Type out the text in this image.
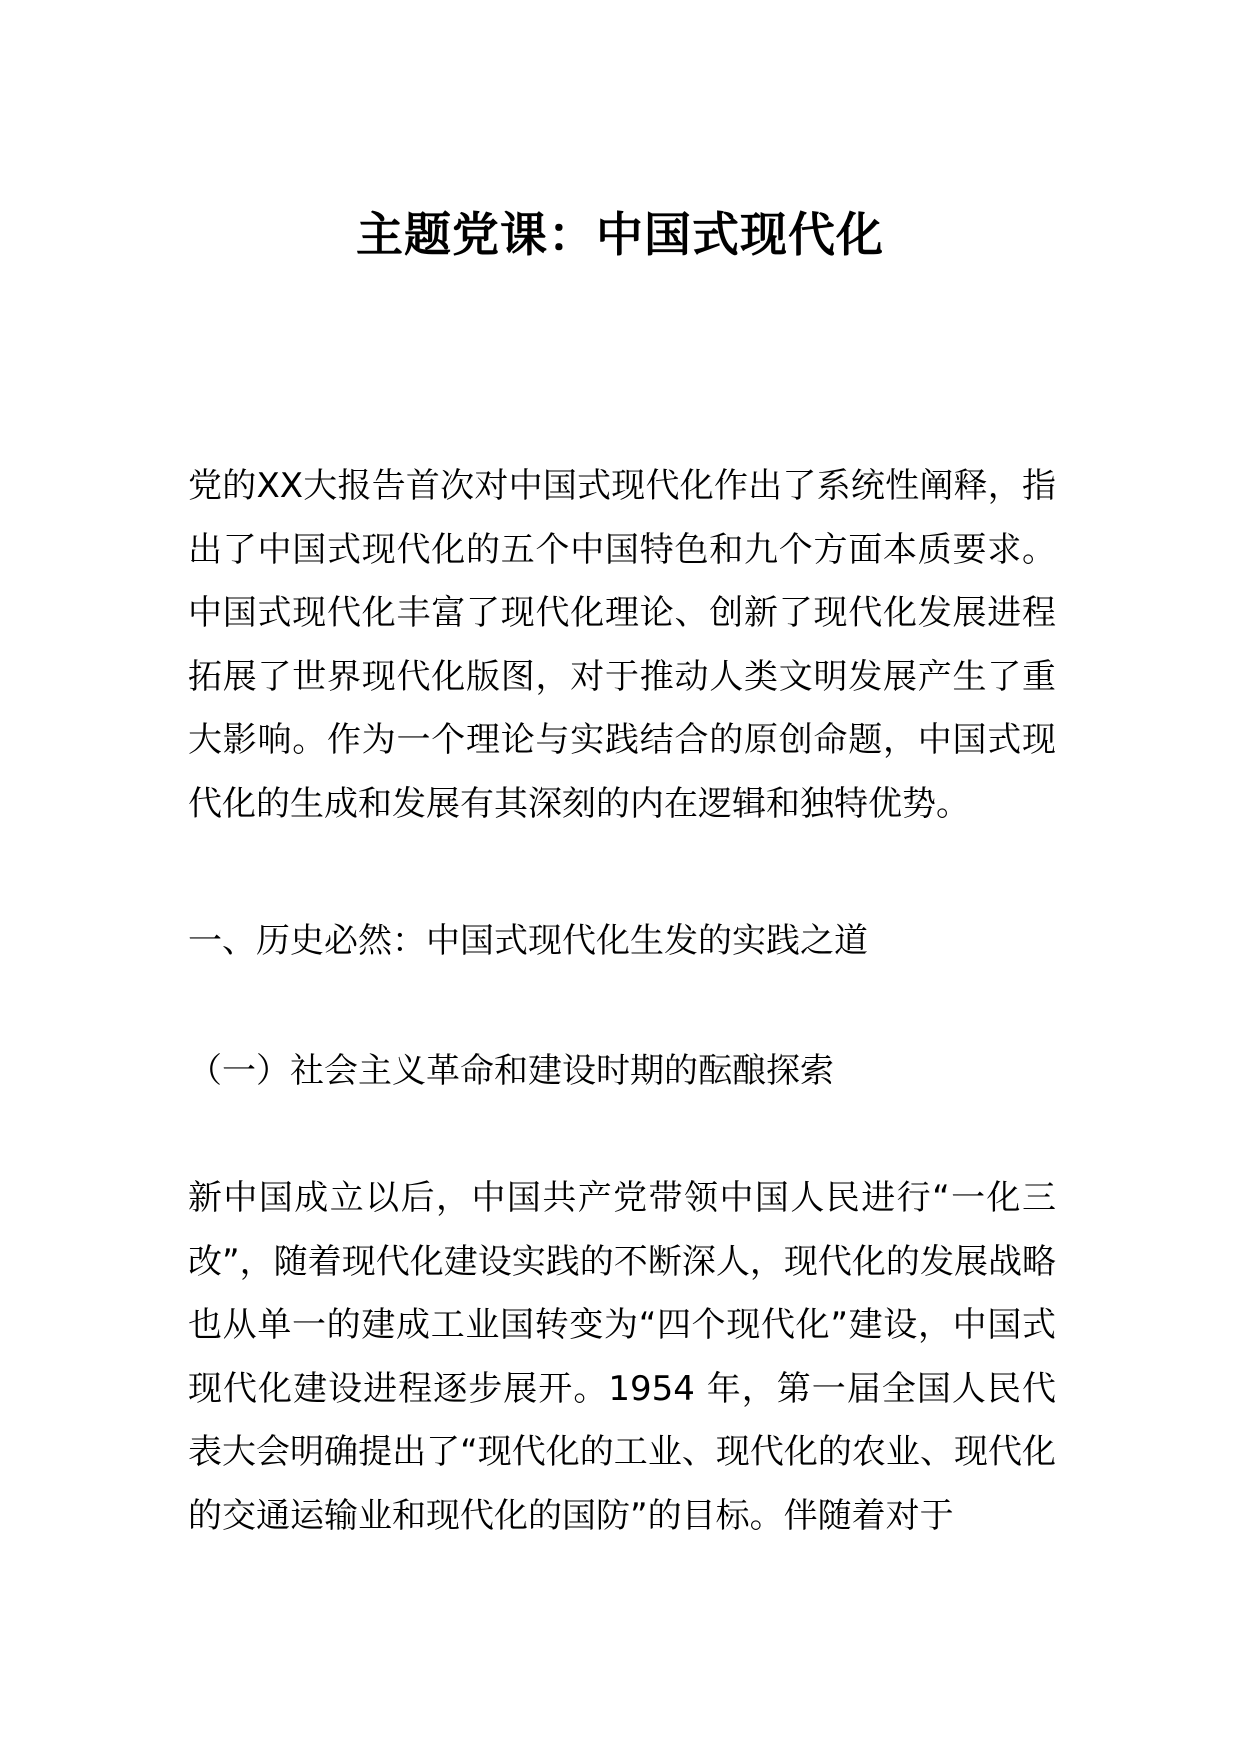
主题党课：中国式现代化

党的XX大报告首次对中国式现代化作出了系统性阐释，指出了中国式现代化的五个中国特色和九个方面本质要求。中国式现代化丰富了现代化理论、创新了现代化发展进程拓展了世界现代化版图，对于推动人类文明发展产生了重大影响。作为一个理论与实践结合的原创命题，中国式现代化的生成和发展有其深刻的内在逻辑和独特优势。

一、历史必然：中国式现代化生发的实践之道

（一）社会主义革命和建设时期的酝酿探索

新中国成立以后，中国共产党带领中国人民进行“一化三改”，随着现代化建设实践的不断深人，现代化的发展战略也从单一的建成工业国转变为“四个现代化”建设，中国式现代化建设进程逐步展开。1954 年，第一届全国人民代表大会明确提出了“现代化的工业、现代化的农业、现代化的交通运输业和现代化的国防”的目标。伴随着对于
